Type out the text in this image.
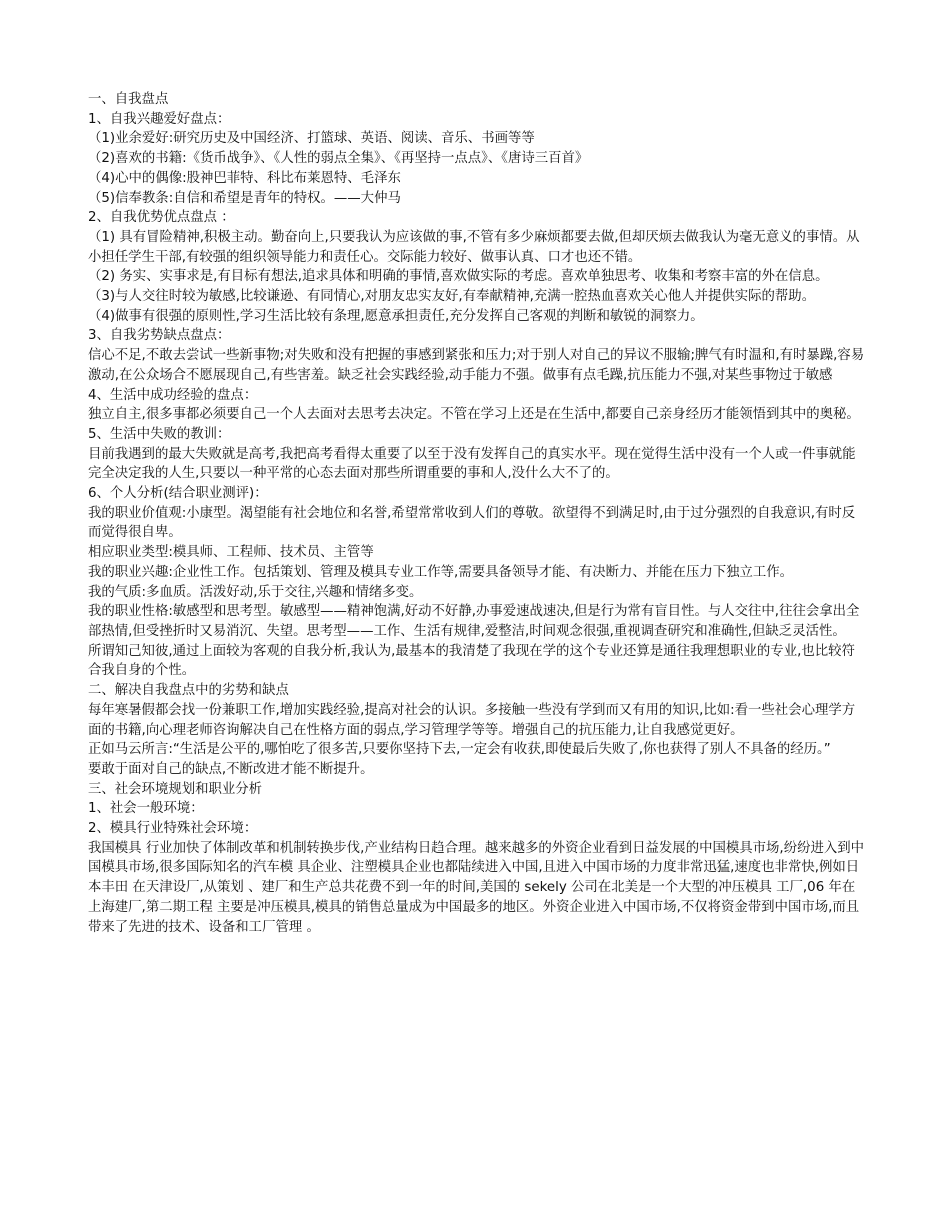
一、自我盘点

1、自我兴趣爱好盘点：

（1)业余爱好:研究历史及中国经济、打篮球、英语、阅读、音乐、书画等等

（2)喜欢的书籍:《货币战争》、《人性的弱点全集》、《再坚持一点点》、《唐诗三百首》

（4)心中的偶像:股神巴菲特、科比布莱恩特、毛泽东

（5)信奉教条:自信和希望是青年的特权。——大仲马

2、自我优势优点盘点 ：

（1) 具有冒险精神,积极主动。勤奋向上,只要我认为应该做的事,不管有多少麻烦都要去做,但却厌烦去做我认为毫无意义的事情。从小担任学生干部,有较强的组织领导能力和责任心。交际能力较好、做事认真、口才也还不错。

（2) 务实、实事求是,有目标有想法,追求具体和明确的事情,喜欢做实际的考虑。喜欢单独思考、收集和考察丰富的外在信息。

（3)与人交往时较为敏感,比较谦逊、有同情心,对朋友忠实友好,有奉献精神,充满一腔热血喜欢关心他人并提供实际的帮助。

（4)做事有很强的原则性,学习生活比较有条理,愿意承担责任,充分发挥自己客观的判断和敏锐的洞察力。

3、自我劣势缺点盘点：

信心不足,不敢去尝试一些新事物;对失败和没有把握的事感到紧张和压力;对于别人对自己的异议不服输;脾气有时温和,有时暴躁,容易激动,在公众场合不愿展现自己,有些害羞。缺乏社会实践经验,动手能力不强。做事有点毛躁,抗压能力不强,对某些事物过于敏感

4、生活中成功经验的盘点：

独立自主,很多事都必须要自己一个人去面对去思考去决定。不管在学习上还是在生活中,都要自己亲身经历才能领悟到其中的奥秘。

5、生活中失败的教训：

目前我遇到的最大失败就是高考,我把高考看得太重要了以至于没有发挥自己的真实水平。现在觉得生活中没有一个人或一件事就能完全决定我的人生,只要以一种平常的心态去面对那些所谓重要的事和人,没什么大不了的。

6、个人分析(结合职业测评)：

我的职业价值观:小康型。渴望能有社会地位和名誉,希望常常收到人们的尊敬。欲望得不到满足时,由于过分强烈的自我意识,有时反而觉得很自卑。

相应职业类型:模具师、工程师、技术员、主管等

我的职业兴趣:企业性工作。包括策划、管理及模具专业工作等,需要具备领导才能、有决断力、并能在压力下独立工作。

我的气质:多血质。活泼好动,乐于交往,兴趣和情绪多变。

我的职业性格:敏感型和思考型。敏感型——精神饱满,好动不好静,办事爱速战速决,但是行为常有盲目性。与人交往中,往往会拿出全部热情,但受挫折时又易消沉、失望。思考型——工作、生活有规律,爱整洁,时间观念很强,重视调查研究和准确性,但缺乏灵活性。

所谓知己知彼,通过上面较为客观的自我分析,我认为,最基本的我清楚了我现在学的这个专业还算是通往我理想职业的专业,也比较符合我自身的个性。

二、解决自我盘点中的劣势和缺点

每年寒暑假都会找一份兼职工作,增加实践经验,提高对社会的认识。多接触一些没有学到而又有用的知识,比如:看一些社会心理学方面的书籍,向心理老师咨询解决自己在性格方面的弱点,学习管理学等等。增强自己的抗压能力,让自我感觉更好。

正如马云所言:“生活是公平的,哪怕吃了很多苦,只要你坚持下去,一定会有收获,即使最后失败了,你也获得了别人不具备的经历。”

要敢于面对自己的缺点,不断改进才能不断提升。

三、社会环境规划和职业分析

1、社会一般环境：

2、模具行业特殊社会环境：

我国模具 行业加快了体制改革和机制转换步伐,产业结构日趋合理。越来越多的外资企业看到日益发展的中国模具市场,纷纷进入到中国模具市场,很多国际知名的汽车模 具企业、注塑模具企业也都陆续进入中国,且进入中国市场的力度非常迅猛,速度也非常快,例如日本丰田 在天津设厂,从策划 、建厂和生产总共花费不到一年的时间,美国的 sekely 公司在北美是一个大型的冲压模具 工厂,06 年在上海建厂,第二期工程 主要是冲压模具,模具的销售总量成为中国最多的地区。外资企业进入中国市场,不仅将资金带到中国市场,而且带来了先进的技术、设备和工厂管理 。
